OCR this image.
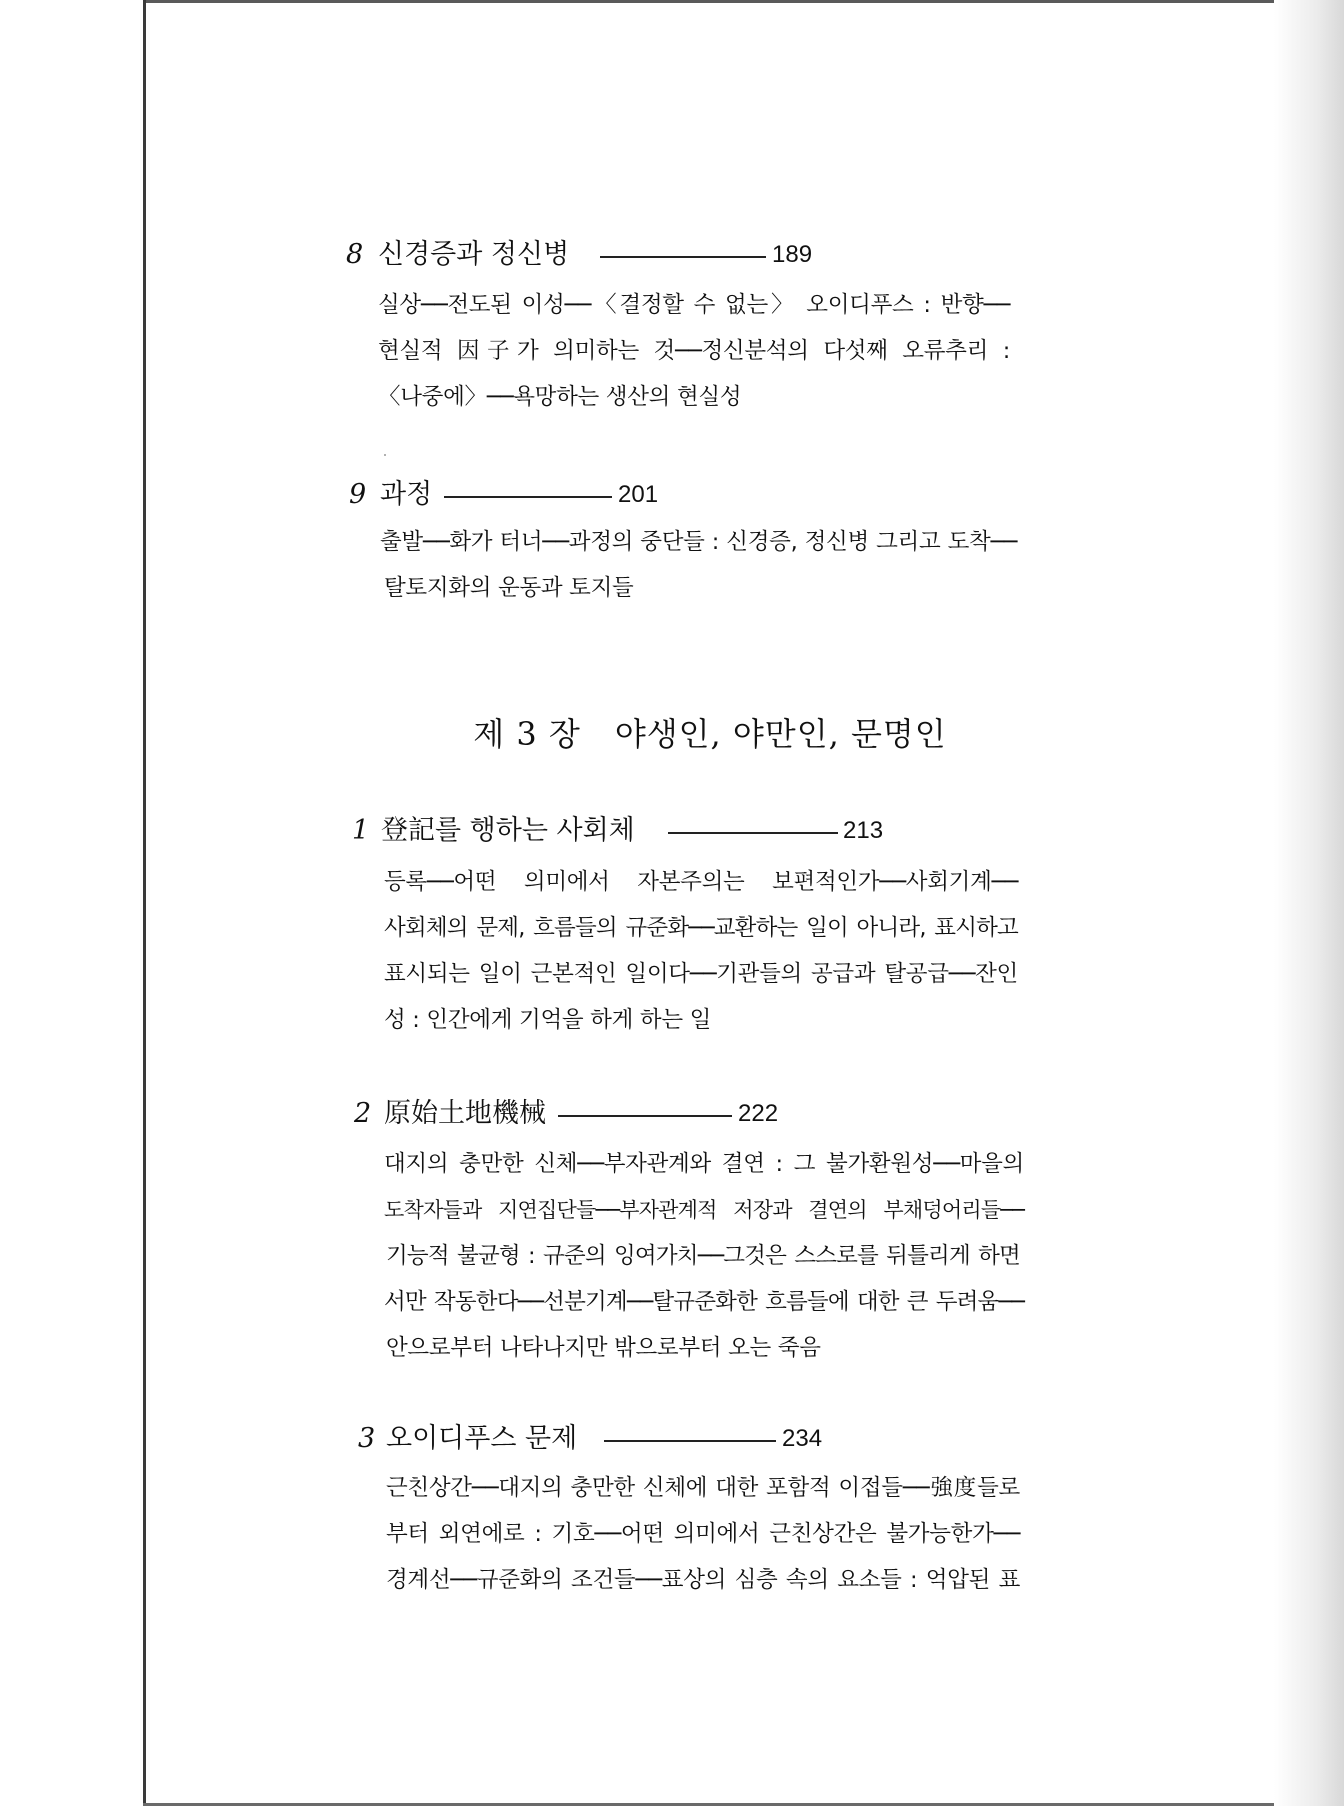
8 신경증과 정신병	189
실상──전도된 이성──〈결정할 수 없는〉 오이디푸스 : 반향──
현실적 因子가 의미하는 것──정신분석의 다섯째 오류추리 :
〈나중에〉──욕망하는 생산의 현실성
9 과정	201
출발──화가 터너──과정의 중단들 : 신경증, 정신병 그리고 도착──
탈토지화의 운동과 토지들
제 3 장 야생인, 야만인, 문명인
1 登記를 행하는 사회체	213
등록──어떤 의미에서 자본주의는 보편적인가──사회기계──
사회체의 문제, 흐름들의 규준화──교환하는 일이 아니라, 표시하고
표시되는 일이 근본적인 일이다──기관들의 공급과 탈공급──잔인
성 : 인간에게 기억을 하게 하는 일
2 原始土地機械	222
대지의 충만한 신체──부자관계와 결연 : 그 불가환원성──마을의
도착자들과 지연집단들──부자관계적 저장과 결연의 부채덩어리들──
기능적 불균형 : 규준의 잉여가치──그것은 스스로를 뒤틀리게 하면
서만 작동한다──선분기계──탈규준화한 흐름들에 대한 큰 두려움──
안으로부터 나타나지만 밖으로부터 오는 죽음
3 오이디푸스 문제	234
근친상간──대지의 충만한 신체에 대한 포함적 이접들──強度들로
부터 외연에로 : 기호──어떤 의미에서 근친상간은 불가능한가──
경계선──규준화의 조건들──표상의 심층 속의 요소들 : 억압된 표
